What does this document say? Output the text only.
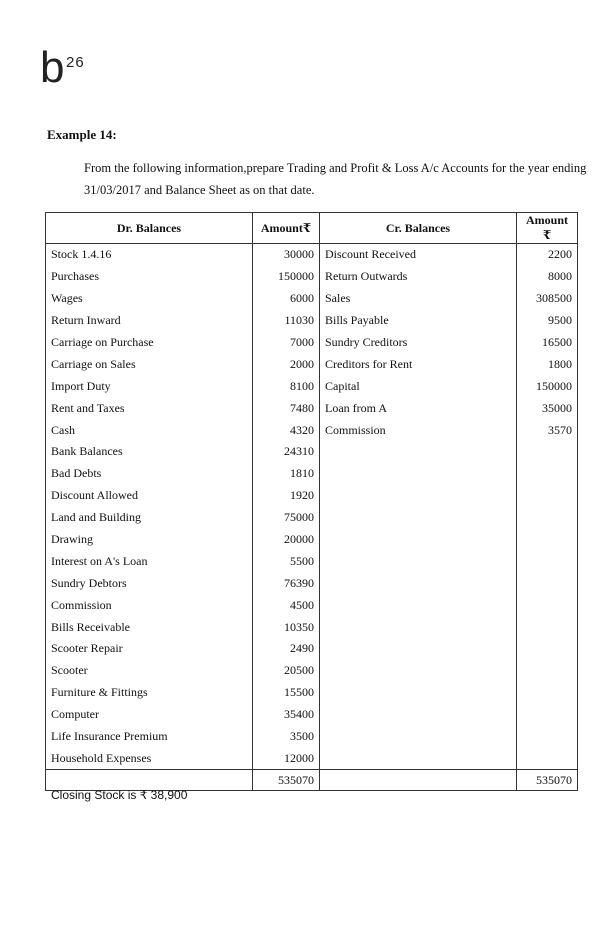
b 26
Example 14:
From the following information,prepare Trading and Profit & Loss A/c Accounts for the year ending
31/03/2017 and Balance Sheet as on that date.
Dr. Balances	Amount₹	Cr. Balances	Amount ₹
Stock 1.4.16	30000	Discount Received	2200
Purchases	150000	Return Outwards	8000
Wages	6000	Sales	308500
Return Inward	11030	Bills Payable	9500
Carriage on Purchase	7000	Sundry Creditors	16500
Carriage on Sales	2000	Creditors for Rent	1800
Import Duty	8100	Capital	150000
Rent and Taxes	7480	Loan from A	35000
Cash	4320	Commission	3570
Bank Balances	24310		
Bad Debts	1810		
Discount Allowed	1920		
Land and Building	75000		
Drawing	20000		
Interest on A's Loan	5500		
Sundry Debtors	76390		
Commission	4500		
Bills Receivable	10350		
Scooter Repair	2490		
Scooter	20500		
Furniture & Fittings	15500		
Computer	35400		
Life Insurance Premium	3500		
Household Expenses	12000		
	535070		535070
Closing Stock is ₹ 38,900
